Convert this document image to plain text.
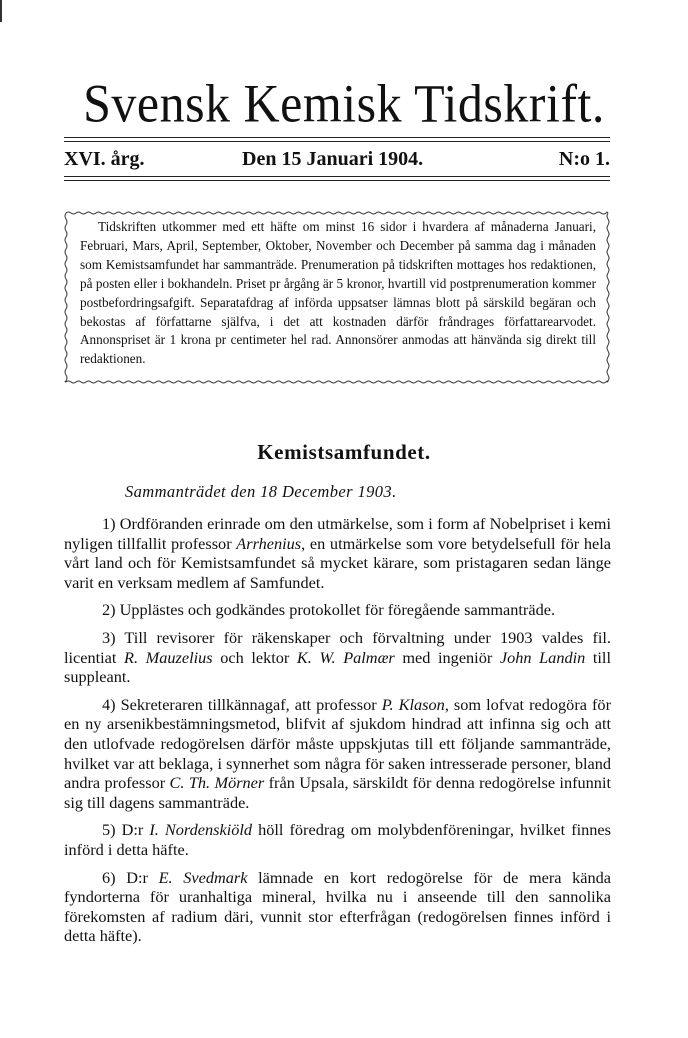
Svensk Kemisk Tidskrift.
XVI. årg.	Den 15 Januari 1904.	N:o 1.
Tidskriften utkommer med ett häfte om minst 16 sidor i hvardera af månaderna Januari, Februari, Mars, April, September, Oktober, November och December på samma dag i månaden som Kemistsamfundet har sammanträde. Prenumeration på tidskriften mottages hos redaktionen, på posten eller i bokhandeln. Priset pr årgång är 5 kronor, hvartill vid postprenumeration kommer postbefordringsafgift. Separatafdrag af införda uppsatser lämnas blott på särskild begäran och bekostas af författarne själfva, i det att kostnaden därför fråndrages författarearvodet. Annonspriset är 1 krona pr centimeter hel rad. Annonsörer anmodas att hänvända sig direkt till redaktionen.
Kemistsamfundet.
Sammanträdet den 18 December 1903.

1) Ordföranden erinrade om den utmärkelse, som i form af Nobelpriset i kemi nyligen tillfallit professor Arrhenius, en utmärkelse som vore betydelsefull för hela vårt land och för Kemistsamfundet så mycket kärare, som pristagaren sedan länge varit en verksam medlem af Samfundet.

2) Upplästes och godkändes protokollet för föregående sammanträde.

3) Till revisorer för räkenskaper och förvaltning under 1903 valdes fil. licentiat R. Mauzelius och lektor K. W. Palmær med ingeniör John Landin till suppleant.

4) Sekreteraren tillkännagaf, att professor P. Klason, som lofvat redogöra för en ny arsenikbestämningsmetod, blifvit af sjukdom hindrad att infinna sig och att den utlofvade redogörelsen därför måste uppskjutas till ett följande sammanträde, hvilket var att beklaga, i synnerhet som några för saken intresserade personer, bland andra professor C. Th. Mörner från Upsala, särskildt för denna redogörelse infunnit sig till dagens sammanträde.

5) D:r I. Nordenskiöld höll föredrag om molybdenföreningar, hvilket finnes införd i detta häfte.

6) D:r E. Svedmark lämnade en kort redogörelse för de mera kända fyndorterna för uranhaltiga mineral, hvilka nu i anseende till den sannolika förekomsten af radium däri, vunnit stor efterfrågan (redogörelsen finnes införd i detta häfte).
